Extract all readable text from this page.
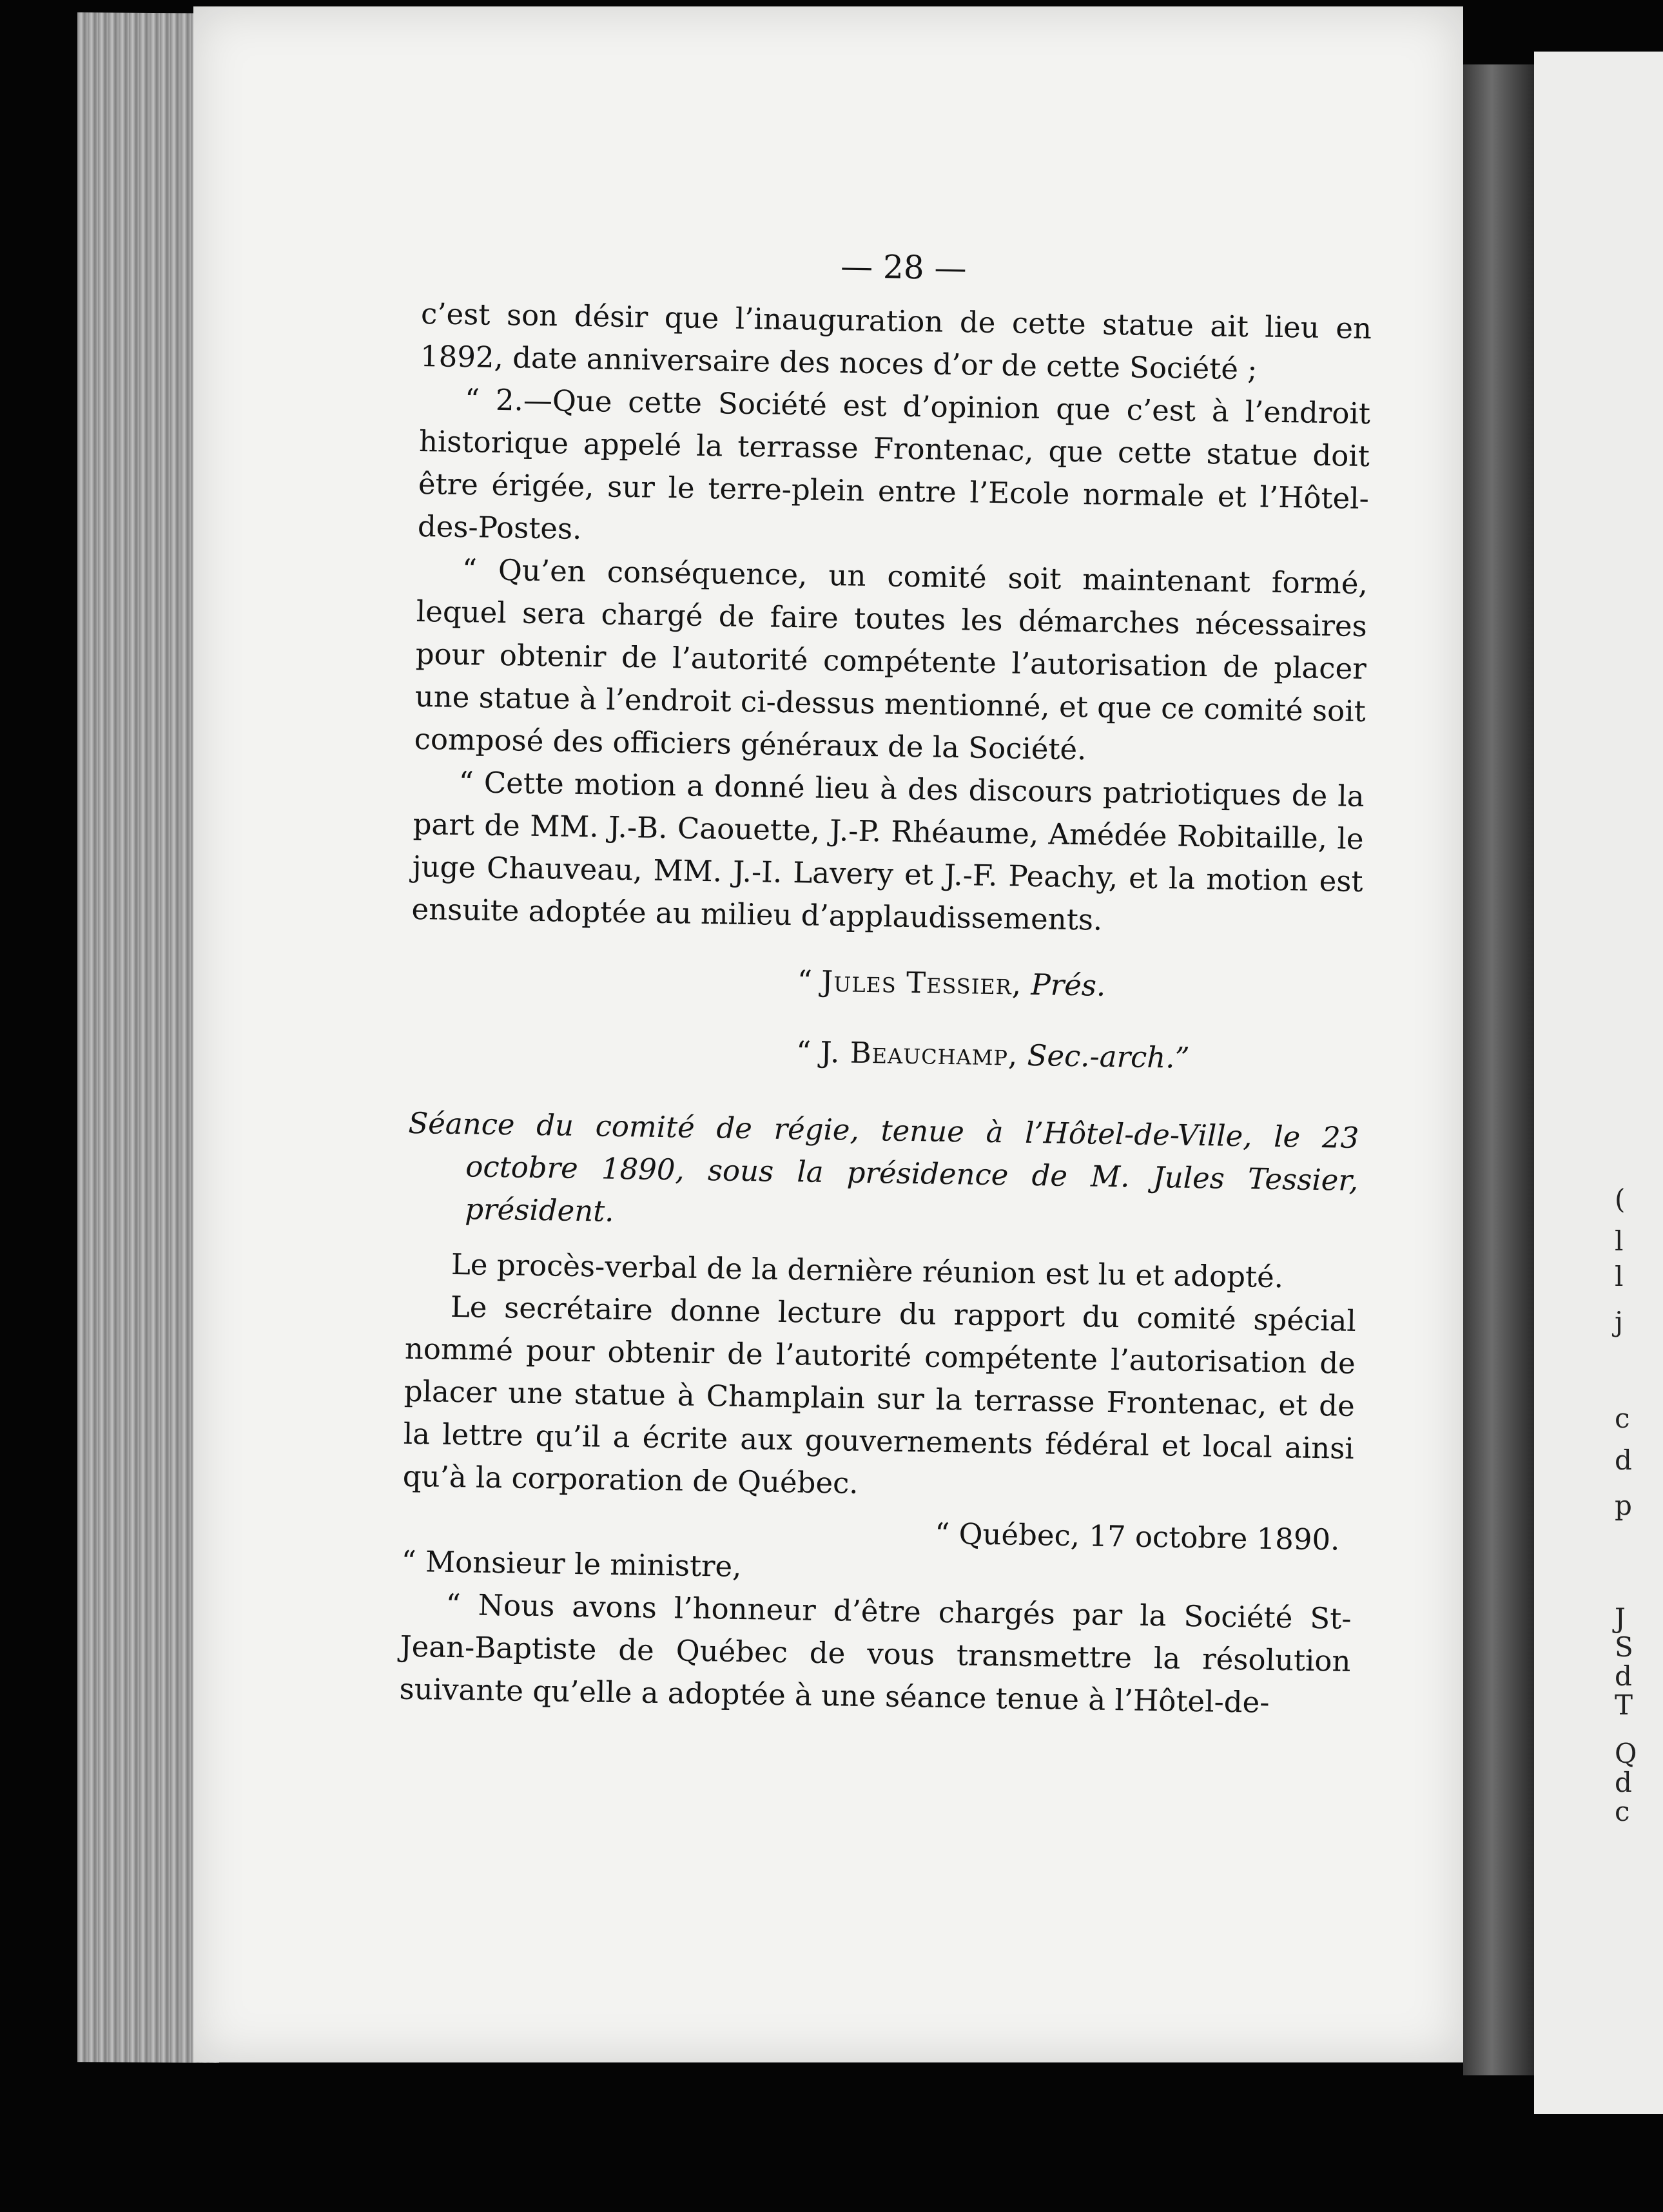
(
l
l
j
c
d
p
J
S
d
T
Q
d
c
— 28 —

c’est son désir que l’inauguration de cette statue ait lieu en 1892, date anniversaire des noces d’or de cette Société ;

“ 2.—Que cette Société est d’opinion que c’est à l’endroit historique appelé la terrasse Frontenac, que cette statue doit être érigée, sur le terre-plein entre l’Ecole normale et l’Hôtel-des-Postes.

“ Qu’en conséquence, un comité soit maintenant formé, lequel sera chargé de faire toutes les démarches nécessaires pour obtenir de l’autorité compétente l’autorisation de placer une statue à l’endroit ci-dessus mentionné, et que ce comité soit composé des officiers généraux de la Société.

“ Cette motion a donné lieu à des discours patriotiques de la part de MM. J.-B. Caouette, J.-P. Rhéaume, Amédée Robitaille, le juge Chauveau, MM. J.-I. Lavery et J.-F. Peachy, et la motion est ensuite adoptée au milieu d’applaudissements.

“ Jules Tessier, Prés.
“ J. Beauchamp, Sec.-arch.”

Séance du comité de régie, tenue à l’Hôtel-de-Ville, le 23 octobre 1890, sous la présidence de M. Jules Tessier, président.

Le procès-verbal de la dernière réunion est lu et adopté.

Le secrétaire donne lecture du rapport du comité spécial nommé pour obtenir de l’autorité compétente l’autorisation de placer une statue à Champlain sur la terrasse Frontenac, et de la lettre qu’il a écrite aux gouvernements fédéral et local ainsi qu’à la corporation de Québec.

“ Québec, 17 octobre 1890.
“ Monsieur le ministre,

“ Nous avons l’honneur d’être chargés par la Société St-Jean-Baptiste de Québec de vous transmettre la résolution suivante qu’elle a adoptée à une séance tenue à l’Hôtel-de-
